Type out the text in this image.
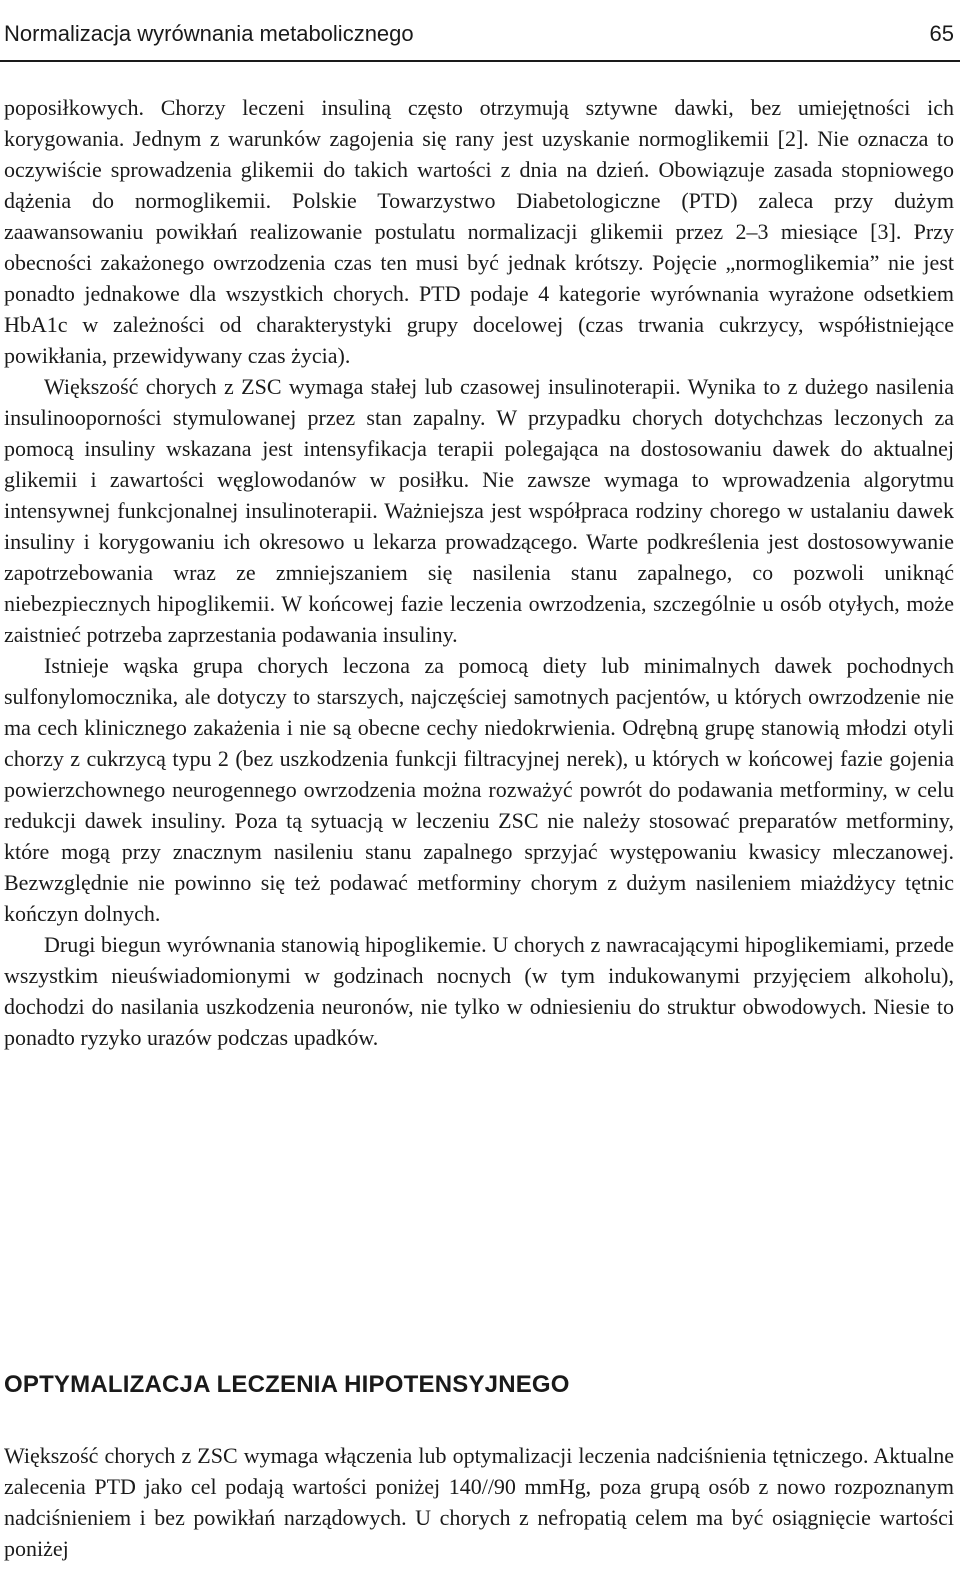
Normalizacja wyrównania metabolicznego	65

poposiłkowych. Chorzy leczeni insuliną często otrzymują sztywne dawki, bez umiejętności ich korygowania. Jednym z warunków zagojenia się rany jest uzyskanie normoglikemii [2]. Nie oznacza to oczywiście sprowadzenia glikemii do takich wartości z dnia na dzień. Obowiązuje zasada stopniowego dążenia do normoglikemii. Polskie Towarzystwo Diabetologiczne (PTD) zaleca przy dużym zaawansowaniu powikłań realizowanie postulatu normalizacji glikemii przez 2–3 miesiące [3]. Przy obecności zakażonego owrzodzenia czas ten musi być jednak krótszy. Pojęcie „normoglikemia” nie jest ponadto jednakowe dla wszystkich chorych. PTD podaje 4 kategorie wyrównania wyrażone odsetkiem HbA1c w zależności od charakterystyki grupy docelowej (czas trwania cukrzycy, współistniejące powikłania, przewidywany czas życia).

Większość chorych z ZSC wymaga stałej lub czasowej insulinoterapii. Wynika to z dużego nasilenia insulinooporności stymulowanej przez stan zapalny. W przypadku chorych dotychchzas leczonych za pomocą insuliny wskazana jest intensyfikacja terapii polegająca na dostosowaniu dawek do aktualnej glikemii i zawartości węglowodanów w posiłku. Nie zawsze wymaga to wprowadzenia algorytmu intensywnej funkcjonalnej insulinoterapii. Ważniejsza jest współpraca rodziny chorego w ustalaniu dawek insuliny i korygowaniu ich okresowo u lekarza prowadzącego. Warte podkreślenia jest dostosowywanie zapotrzebowania wraz ze zmniejszaniem się nasilenia stanu zapalnego, co pozwoli uniknąć niebezpiecznych hipoglikemii. W końcowej fazie leczenia owrzodzenia, szczególnie u osób otyłych, może zaistnieć potrzeba zaprzestania podawania insuliny.

Istnieje wąska grupa chorych leczona za pomocą diety lub minimalnych dawek pochodnych sulfonylomocznika, ale dotyczy to starszych, najczęściej samotnych pacjentów, u których owrzodzenie nie ma cech klinicznego zakażenia i nie są obecne cechy niedokrwienia. Odrębną grupę stanowią młodzi otyli chorzy z cukrzycą typu 2 (bez uszkodzenia funkcji filtracyjnej nerek), u których w końcowej fazie gojenia powierzchownego neurogennego owrzodzenia można rozważyć powrót do podawania metforminy, w celu redukcji dawek insuliny. Poza tą sytuacją w leczeniu ZSC nie należy stosować preparatów metforminy, które mogą przy znacznym nasileniu stanu zapalnego sprzyjać występowaniu kwasicy mleczanowej. Bezwzględnie nie powinno się też podawać metforminy chorym z dużym nasileniem miażdżycy tętnic kończyn dolnych.

Drugi biegun wyrównania stanowią hipoglikemie. U chorych z nawracającymi hipoglikemiami, przede wszystkim nieuświadomionymi w godzinach nocnych (w tym indukowanymi przyjęciem alkoholu), dochodzi do nasilania uszkodzenia neuronów, nie tylko w odniesieniu do struktur obwodowych. Niesie to ponadto ryzyko urazów podczas upadków.

OPTYMALIZACJA LECZENIA HIPOTENSYJNEGO

Większość chorych z ZSC wymaga włączenia lub optymalizacji leczenia nadciśnienia tętniczego. Aktualne zalecenia PTD jako cel podają wartości poniżej 140//90 mmHg, poza grupą osób z nowo rozpoznanym nadciśnieniem i bez powikłań narządowych. U chorych z nefropatią celem ma być osiągnięcie wartości poniżej
